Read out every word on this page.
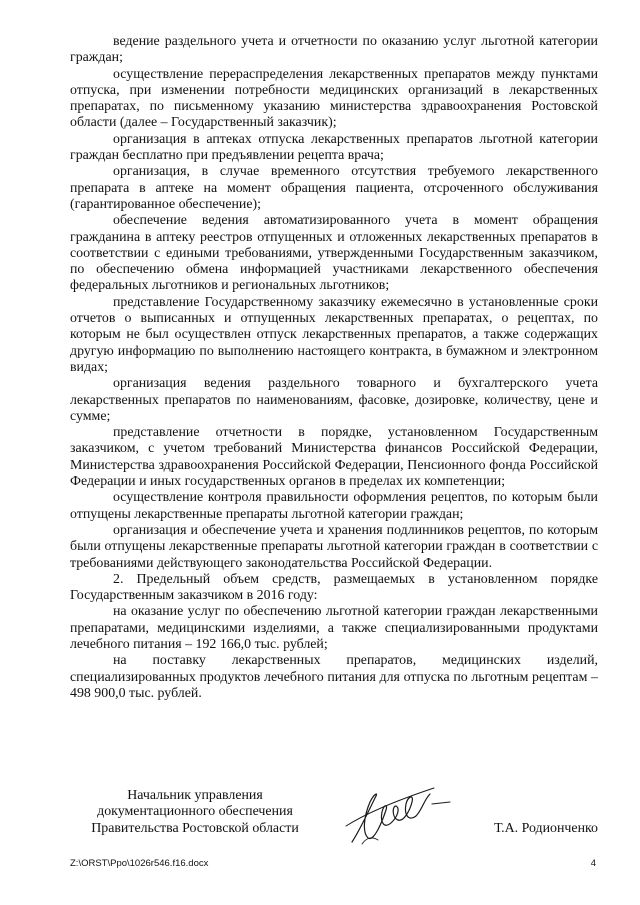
ведение раздельного учета и отчетности по оказанию услуг льготной категории граждан;

осуществление перераспределения лекарственных препаратов между пунктами отпуска, при изменении потребности медицинских организаций в лекарственных препаратах, по письменному указанию министерства здравоохранения Ростовской области (далее – Государственный заказчик);

организация в аптеках отпуска лекарственных препаратов льготной категории граждан бесплатно при предъявлении рецепта врача;

организация, в случае временного отсутствия требуемого лекарственного препарата в аптеке на момент обращения пациента, отсроченного обслуживания (гарантированное обеспечение);

обеспечение ведения автоматизированного учета в момент обращения гражданина в аптеку реестров отпущенных и отложенных лекарственных препаратов в соответствии с едиными требованиями, утвержденными Государственным заказчиком, по обеспечению обмена информацией участниками лекарственного обеспечения федеральных льготников и региональных льготников;

представление Государственному заказчику ежемесячно в установленные сроки отчетов о выписанных и отпущенных лекарственных препаратах, о рецептах, по которым не был осуществлен отпуск лекарственных препаратов, а также содержащих другую информацию по выполнению настоящего контракта, в бумажном и электронном видах;

организация ведения раздельного товарного и бухгалтерского учета лекарственных препаратов по наименованиям, фасовке, дозировке, количеству, цене и сумме;

представление отчетности в порядке, установленном Государственным заказчиком, с учетом требований Министерства финансов Российской Федерации, Министерства здравоохранения Российской Федерации, Пенсионного фонда Российской Федерации и иных государственных органов в пределах их компетенции;

осуществление контроля правильности оформления рецептов, по которым были отпущены лекарственные препараты льготной категории граждан;

организация и обеспечение учета и хранения подлинников рецептов, по которым были отпущены лекарственные препараты льготной категории граждан в соответствии с требованиями действующего законодательства Российской Федерации.

2. Предельный объем средств, размещаемых в установленном порядке Государственным заказчиком в 2016 году:

на оказание услуг по обеспечению льготной категории граждан лекарственными препаратами, медицинскими изделиями, а также специализированными продуктами лечебного питания – 192 166,0 тыс. рублей;

на поставку лекарственных препаратов, медицинских изделий, специализированных продуктов лечебного питания для отпуска по льготным рецептам – 498 900,0 тыс. рублей.

Начальник управления
документационного обеспечения
Правительства Ростовской области	Т.А. Родионченко
Z:\ORST\Ppo\1026r546.f16.docx	4
